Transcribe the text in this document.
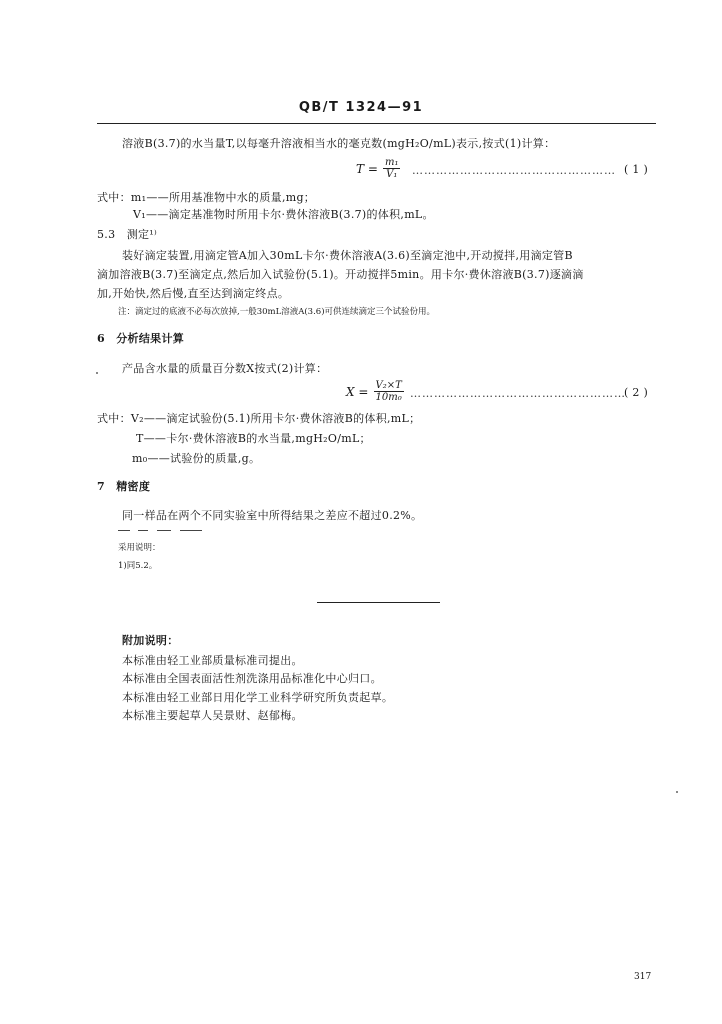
QB/T 1324—91
溶液B(3.7)的水当量T,以每毫升溶液相当水的毫克数(mgH₂O/mL)表示,按式(1)计算：
$T = \frac{\text{m₁}}{\text{V₁}}$ …………………………………………… ( 1 )
式中：m₁——所用基准物中水的质量,mg；
V₁——滴定基准物时所用卡尔·费休溶液B(3.7)的体积,mL。
5.3　测定¹⁾
装好滴定装置,用滴定管A加入30mL卡尔·费休溶液A(3.6)至滴定池中,开动搅拌,用滴定管B
滴加溶液B(3.7)至滴定点,然后加入试验份(5.1)。开动搅拌5min。用卡尔·费休溶液B(3.7)逐滴滴
加,开始快,然后慢,直至达到滴定终点。
注：滴定过的底液不必每次放掉,一般30mL溶液A(3.6)可供连续滴定三个试验份用。
6　分析结果计算
产品含水量的质量百分数X按式(2)计算：
$X = \frac{\text{V₂×T}}{\text{10m₀}}$ ………………………………………………
( 2 )
式中：V₂——滴定试验份(5.1)所用卡尔·费休溶液B的体积,mL；
T——卡尔·费休溶液B的水当量,mgH₂O/mL；
m₀——试验份的质量,g。
7　精密度
同一样品在两个不同实验室中所得结果之差应不超过0.2%。
采用说明：
1)同5.2。
附加说明：
本标准由轻工业部质量标准司提出。
本标准由全国表面活性剂洗涤用品标准化中心归口。
本标准由轻工业部日用化学工业科学研究所负责起草。
本标准主要起草人吴景财、赵郁梅。
317
